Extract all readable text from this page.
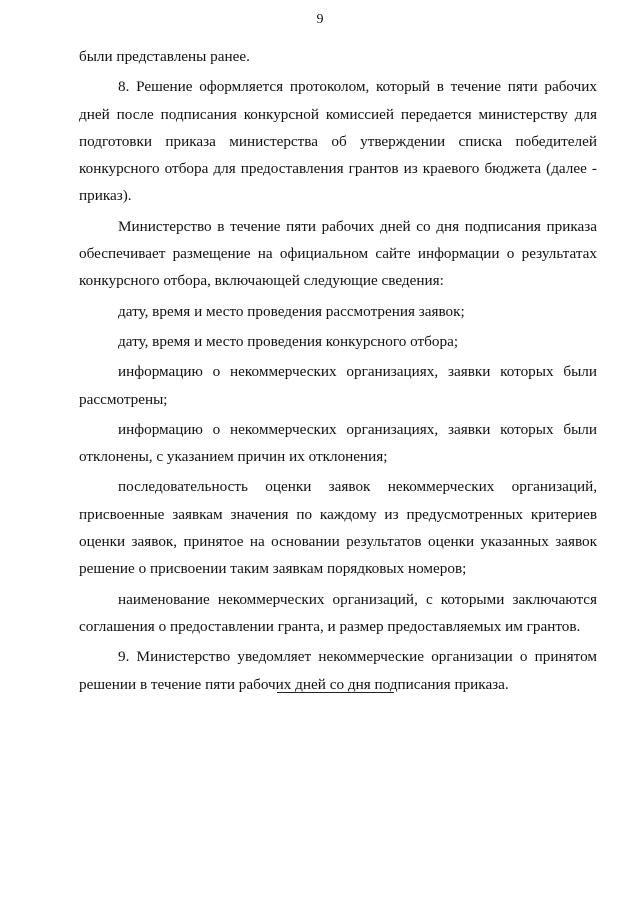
9

были представлены ранее.

8. Решение оформляется протоколом, который в течение пяти рабочих дней после подписания конкурсной комиссией передается министерству для подготовки приказа министерства об утверждении списка победителей конкурсного отбора для предоставления грантов из краевого бюджета (далее - приказ).

Министерство в течение пяти рабочих дней со дня подписания приказа обеспечивает размещение на официальном сайте информации о результатах конкурсного отбора, включающей следующие сведения:

дату, время и место проведения рассмотрения заявок;

дату, время и место проведения конкурсного отбора;

информацию о некоммерческих организациях, заявки которых были рассмотрены;

информацию о некоммерческих организациях, заявки которых были отклонены, с указанием причин их отклонения;

последовательность оценки заявок некоммерческих организаций, присвоенные заявкам значения по каждому из предусмотренных критериев оценки заявок, принятое на основании результатов оценки указанных заявок решение о присвоении таким заявкам порядковых номеров;

наименование некоммерческих организаций, с которыми заключаются соглашения о предоставлении гранта, и размер предоставляемых им грантов.

9. Министерство уведомляет некоммерческие организации о принятом решении в течение пяти рабочих дней со дня подписания приказа.
